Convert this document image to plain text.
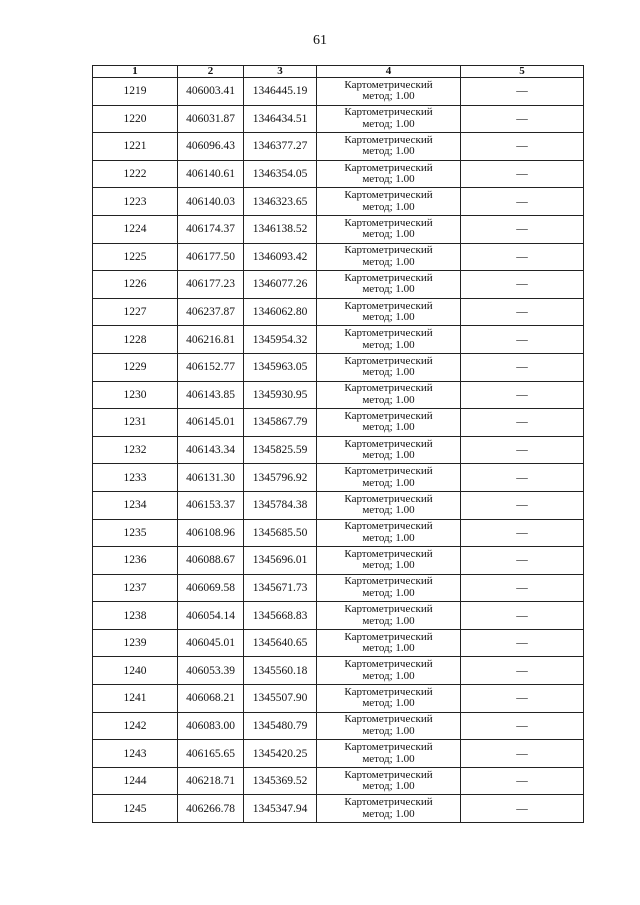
61
1	2	3	4	5
1219	406003.41	1346445.19	Картометрический
метод; 1.00	—
1220	406031.87	1346434.51	Картометрический
метод; 1.00	—
1221	406096.43	1346377.27	Картометрический
метод; 1.00	—
1222	406140.61	1346354.05	Картометрический
метод; 1.00	—
1223	406140.03	1346323.65	Картометрический
метод; 1.00	—
1224	406174.37	1346138.52	Картометрический
метод; 1.00	—
1225	406177.50	1346093.42	Картометрический
метод; 1.00	—
1226	406177.23	1346077.26	Картометрический
метод; 1.00	—
1227	406237.87	1346062.80	Картометрический
метод; 1.00	—
1228	406216.81	1345954.32	Картометрический
метод; 1.00	—
1229	406152.77	1345963.05	Картометрический
метод; 1.00	—
1230	406143.85	1345930.95	Картометрический
метод; 1.00	—
1231	406145.01	1345867.79	Картометрический
метод; 1.00	—
1232	406143.34	1345825.59	Картометрический
метод; 1.00	—
1233	406131.30	1345796.92	Картометрический
метод; 1.00	—
1234	406153.37	1345784.38	Картометрический
метод; 1.00	—
1235	406108.96	1345685.50	Картометрический
метод; 1.00	—
1236	406088.67	1345696.01	Картометрический
метод; 1.00	—
1237	406069.58	1345671.73	Картометрический
метод; 1.00	—
1238	406054.14	1345668.83	Картометрический
метод; 1.00	—
1239	406045.01	1345640.65	Картометрический
метод; 1.00	—
1240	406053.39	1345560.18	Картометрический
метод; 1.00	—
1241	406068.21	1345507.90	Картометрический
метод; 1.00	—
1242	406083.00	1345480.79	Картометрический
метод; 1.00	—
1243	406165.65	1345420.25	Картометрический
метод; 1.00	—
1244	406218.71	1345369.52	Картометрический
метод; 1.00	—
1245	406266.78	1345347.94	Картометрический
метод; 1.00	—
